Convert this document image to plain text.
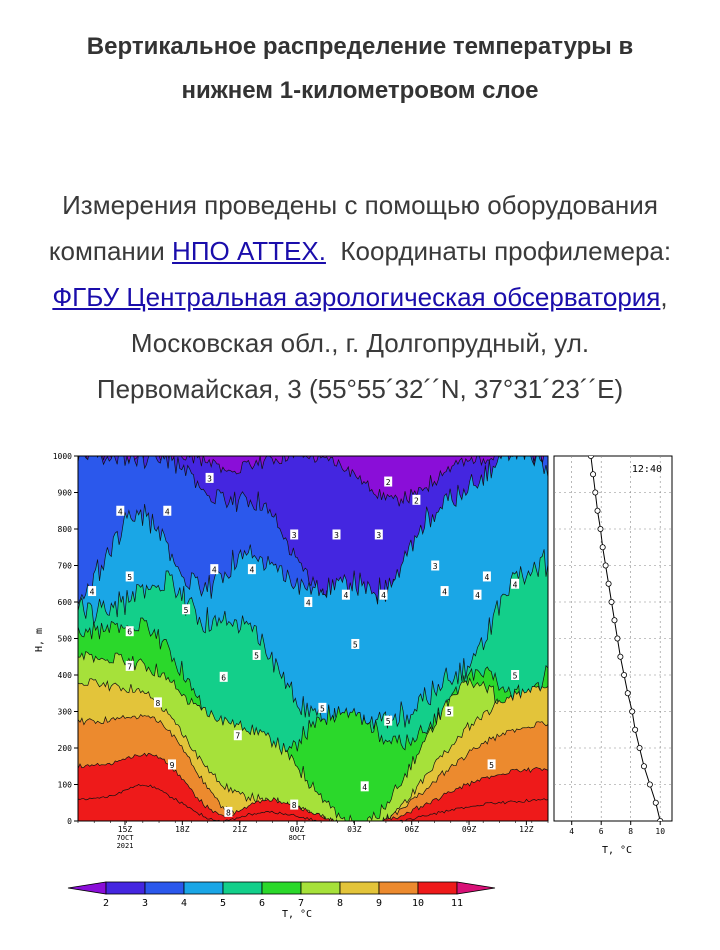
Вертикальное распределение температуры в
нижнем 1-километровом слое
Измерения проведены с помощью оборудования
компании НПО АТТЕХ.  Координаты профилемера:
ФГБУ Центральная аэрологическая обсерватория,
Московская обл., г. Долгопрудный, ул.
Первомайская, 3 (55°55´32´´N, 37°31´23´´E)
3	2
2
4	4
3	3	3
4	4	3
4
4
5
4
4
4	4	4	4
5
6
5
5
7
6	5
8
5
5
5
7
9	5
4
8
8
0
100
200
300
400
500
600
700
800
900
1000
15Z
7OCT
2021
18Z	21Z	00Z
8OCT
03Z	06Z	09Z	12Z
H, m
12:40
4	6	8	10
T, °C
2	3	4	5	6	7	8	9	10	11
T, °C
